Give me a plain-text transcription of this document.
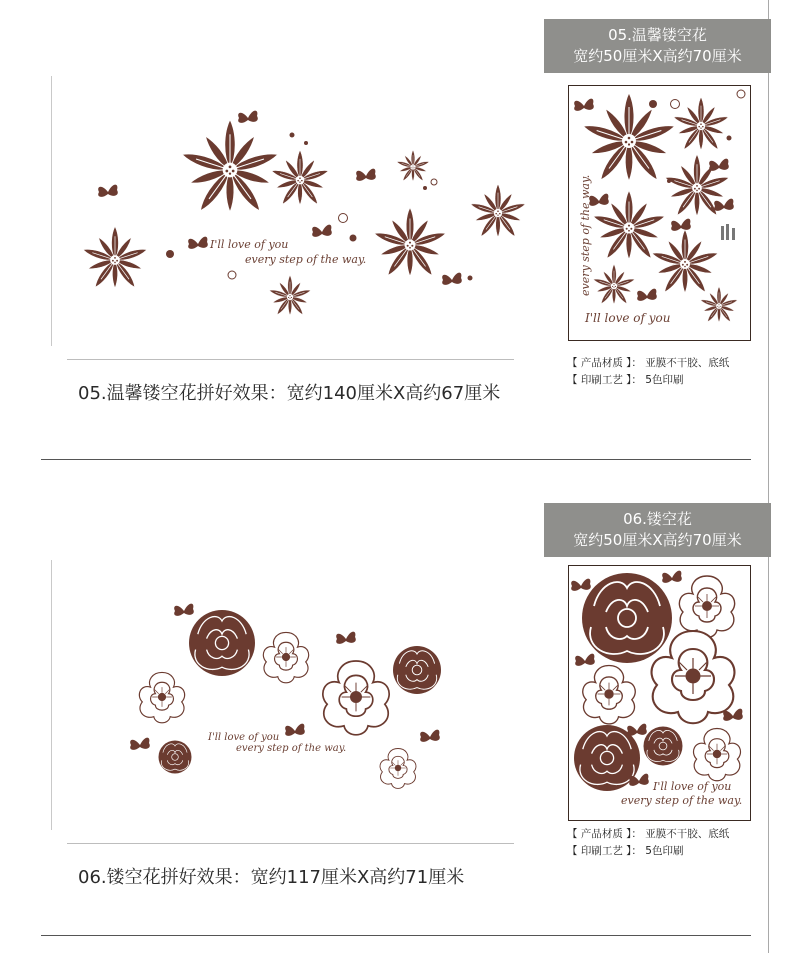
05.温馨镂空花
宽约50厘米X高约70厘米
I'll love of you
every step of the way.
05.温馨镂空花拼好效果：宽约140厘米X高约67厘米
every step of the way.
I'll love of you
【 产品材质 】： 亚膜不干胶、底纸
【 印刷工艺 】： 5色印刷
06.镂空花
宽约50厘米X高约70厘米
I'll love of you
every step of the way.
06.镂空花拼好效果：宽约117厘米X高约71厘米
I'll love of you
every step of the way.
【 产品材质 】： 亚膜不干胶、底纸
【 印刷工艺 】： 5色印刷
